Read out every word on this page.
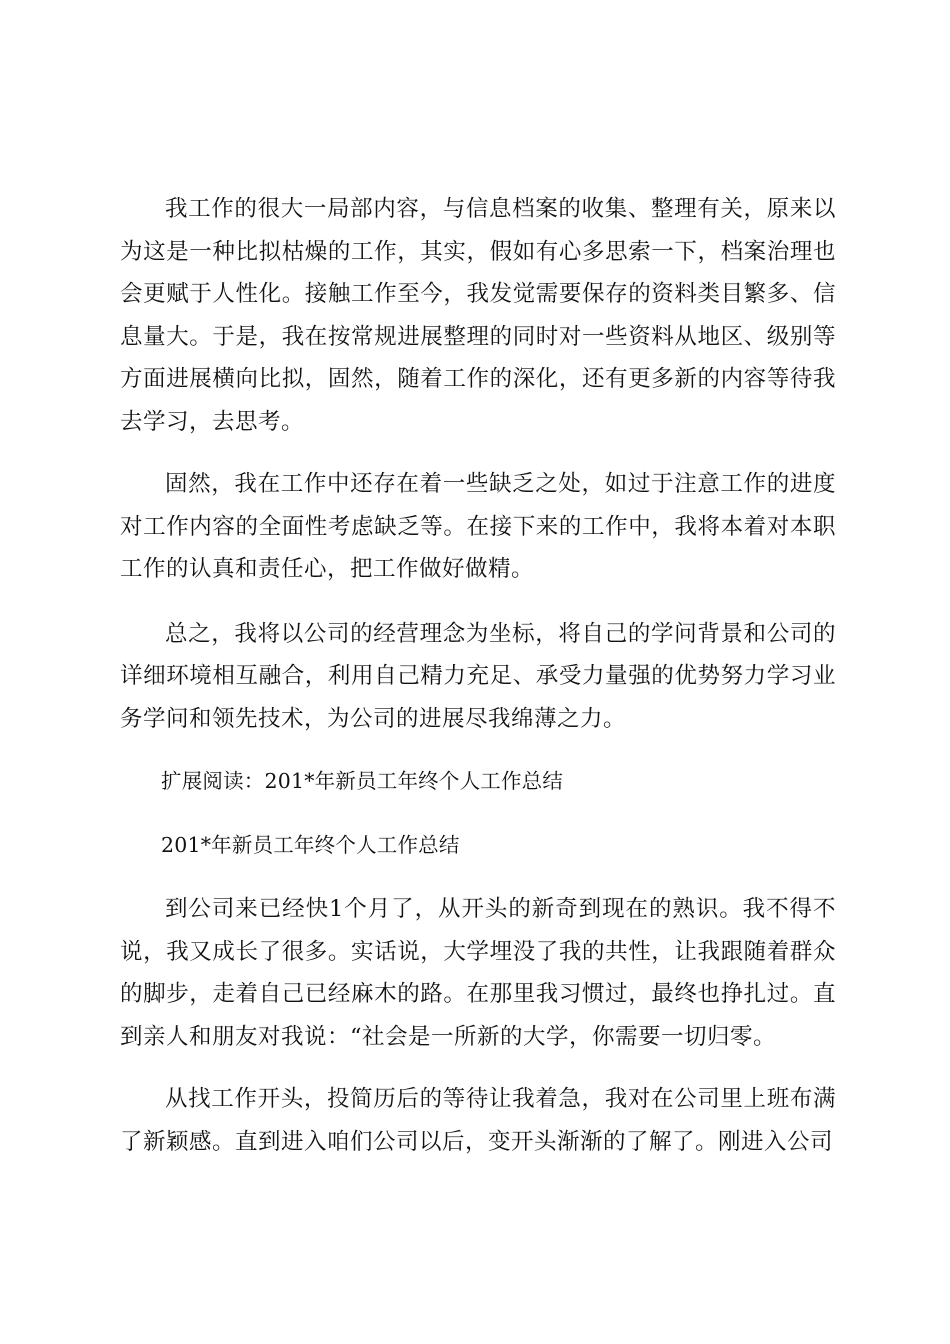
我工作的很大一局部内容，与信息档案的收集、整理有关，原来以为这是一种比拟枯燥的工作，其实，假如有心多思索一下，档案治理也会更赋于人性化。接触工作至今，我发觉需要保存的资料类目繁多、信息量大。于是，我在按常规进展整理的同时对一些资料从地区、级别等方面进展横向比拟，固然，随着工作的深化，还有更多新的内容等待我去学习，去思考。

固然，我在工作中还存在着一些缺乏之处，如过于注意工作的进度对工作内容的全面性考虑缺乏等。在接下来的工作中，我将本着对本职工作的认真和责任心，把工作做好做精。

总之，我将以公司的经营理念为坐标，将自己的学问背景和公司的详细环境相互融合，利用自己精力充足、承受力量强的优势努力学习业务学问和领先技术，为公司的进展尽我绵薄之力。

扩展阅读：201*年新员工年终个人工作总结

201*年新员工年终个人工作总结

到公司来已经快1个月了，从开头的新奇到现在的熟识。我不得不说，我又成长了很多。实话说，大学埋没了我的共性，让我跟随着群众的脚步，走着自己已经麻木的路。在那里我习惯过，最终也挣扎过。直到亲人和朋友对我说：“社会是一所新的大学，你需要一切归零。

从找工作开头，投简历后的等待让我着急，我对在公司里上班布满了新颖感。直到进入咱们公司以后，变开头渐渐的了解了。刚进入公司
